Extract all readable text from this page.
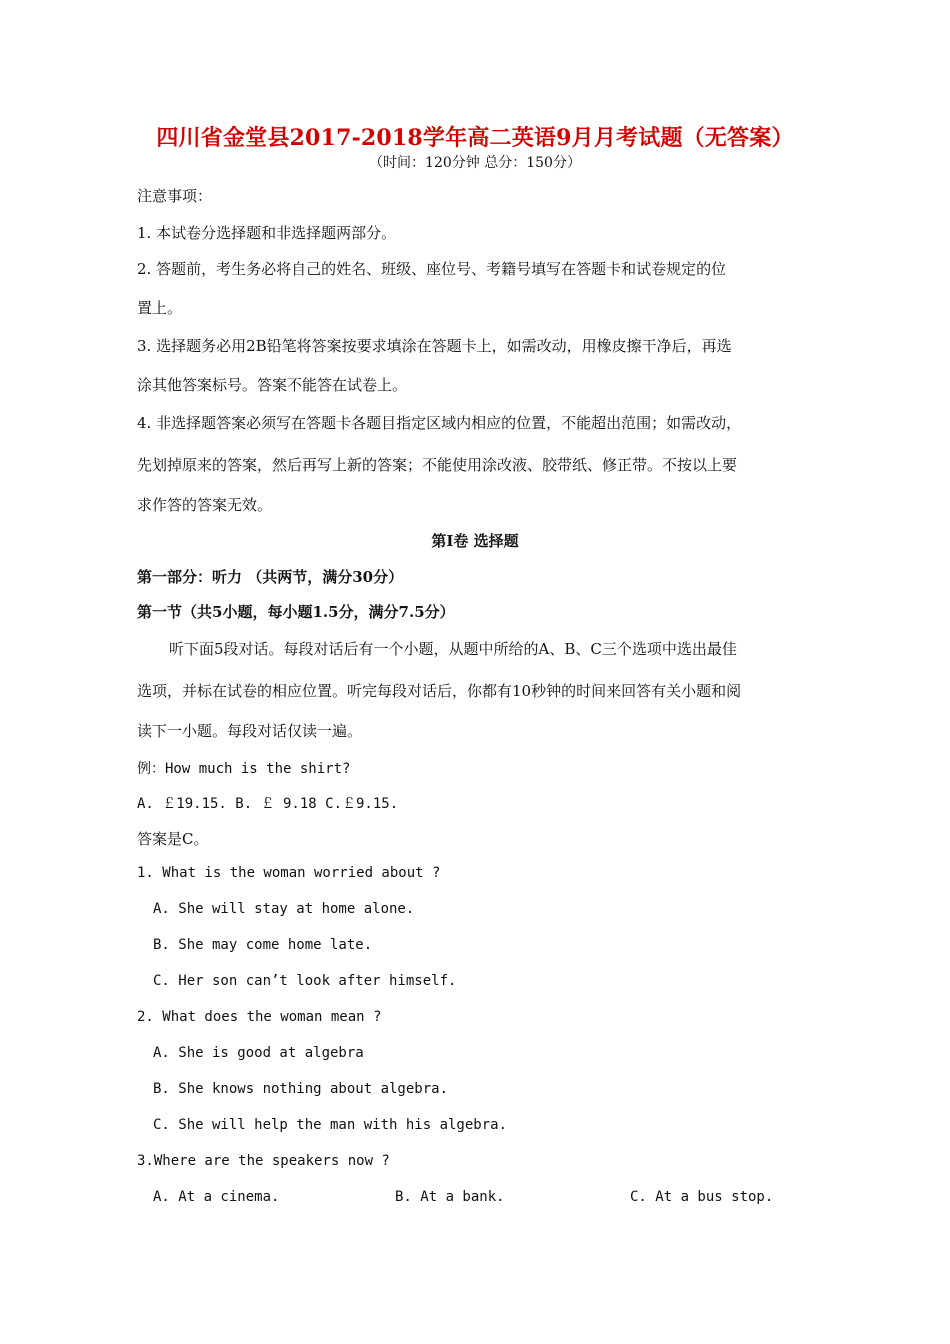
四川省金堂县2017-2018学年高二英语9月月考试题（无答案）
（时间：120分钟 总分：150分）
注意事项：
1. 本试卷分选择题和非选择题两部分。
2. 答题前，考生务必将自己的姓名、班级、座位号、考籍号填写在答题卡和试卷规定的位
置上。
3. 选择题务必用2B铅笔将答案按要求填涂在答题卡上，如需改动，用橡皮擦干净后，再选
涂其他答案标号。答案不能答在试卷上。
4. 非选择题答案必须写在答题卡各题目指定区域内相应的位置，不能超出范围；如需改动，
先划掉原来的答案，然后再写上新的答案；不能使用涂改液、胶带纸、修正带。不按以上要
求作答的答案无效。
第Ⅰ卷 选择题
第一部分：听力 （共两节，满分30分）
第一节（共5小题，每小题1.5分，满分7.5分）
听下面5段对话。每段对话后有一个小题，从题中所给的A、B、C三个选项中选出最佳
选项，并标在试卷的相应位置。听完每段对话后，你都有10秒钟的时间来回答有关小题和阅
读下一小题。每段对话仅读一遍。
例：How much is the shirt?
A. ￡19.15. B. ￡ 9.18 C.￡9.15.
答案是C。
1. What is the woman worried about ?
A. She will stay at home alone.
B. She may come home late.
C. Her son can’t look after himself.
2. What does the woman mean ?
A. She is good at algebra
B. She knows nothing about algebra.
C. She will help the man with his algebra.
3.Where are the speakers now ?
A. At a cinema.	B. At a bank.	C. At a bus stop.
